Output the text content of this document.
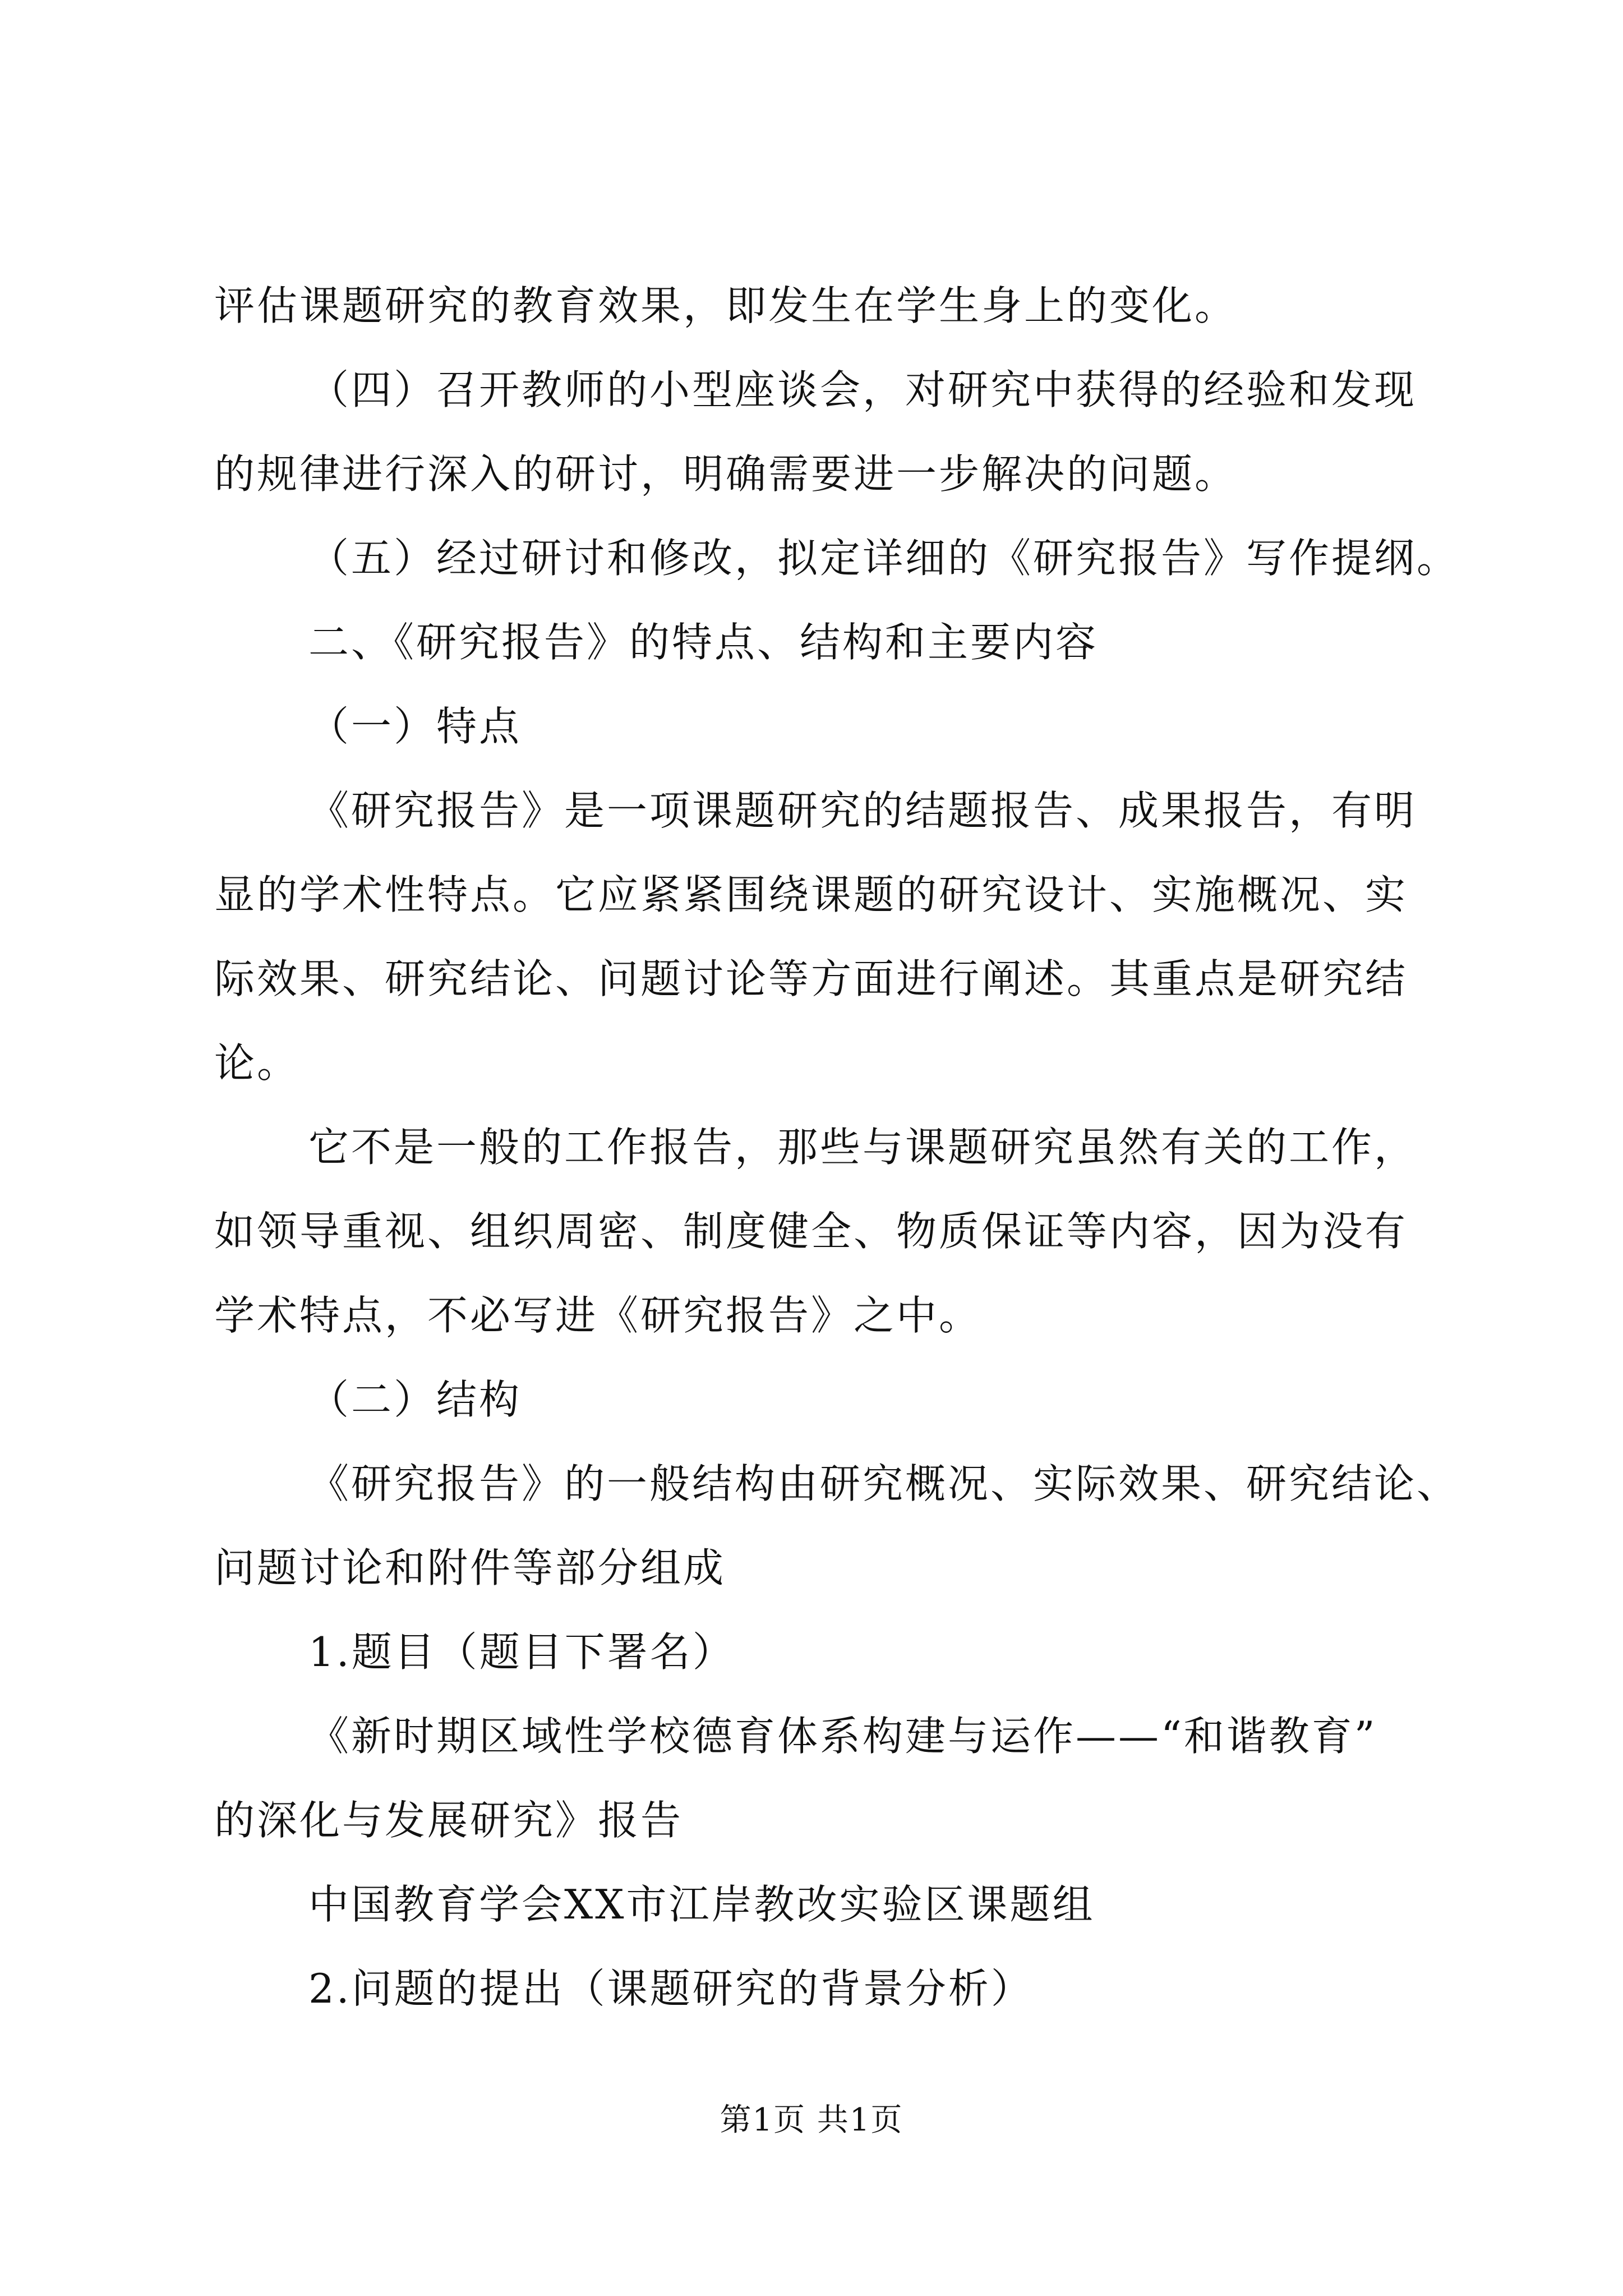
评估课题研究的教育效果，即发生在学生身上的变化。
（四）召开教师的小型座谈会，对研究中获得的经验和发现
的规律进行深入的研讨，明确需要进一步解决的问题。
（五）经过研讨和修改，拟定详细的《研究报告》写作提纲。
二、《研究报告》的特点、结构和主要内容
（一）特点
《研究报告》是一项课题研究的结题报告、成果报告，有明
显的学术性特点。它应紧紧围绕课题的研究设计、实施概况、实
际效果、研究结论、问题讨论等方面进行阐述。其重点是研究结
论。
它不是一般的工作报告，那些与课题研究虽然有关的工作，
如领导重视、组织周密、制度健全、物质保证等内容，因为没有
学术特点，不必写进《研究报告》之中。
（二）结构
《研究报告》的一般结构由研究概况、实际效果、研究结论、
问题讨论和附件等部分组成
1.题目（题目下署名）
《新时期区域性学校德育体系构建与运作——“和谐教育”
的深化与发展研究》报告
中国教育学会XX市江岸教改实验区课题组
2.问题的提出（课题研究的背景分析）
第1页 共1页
